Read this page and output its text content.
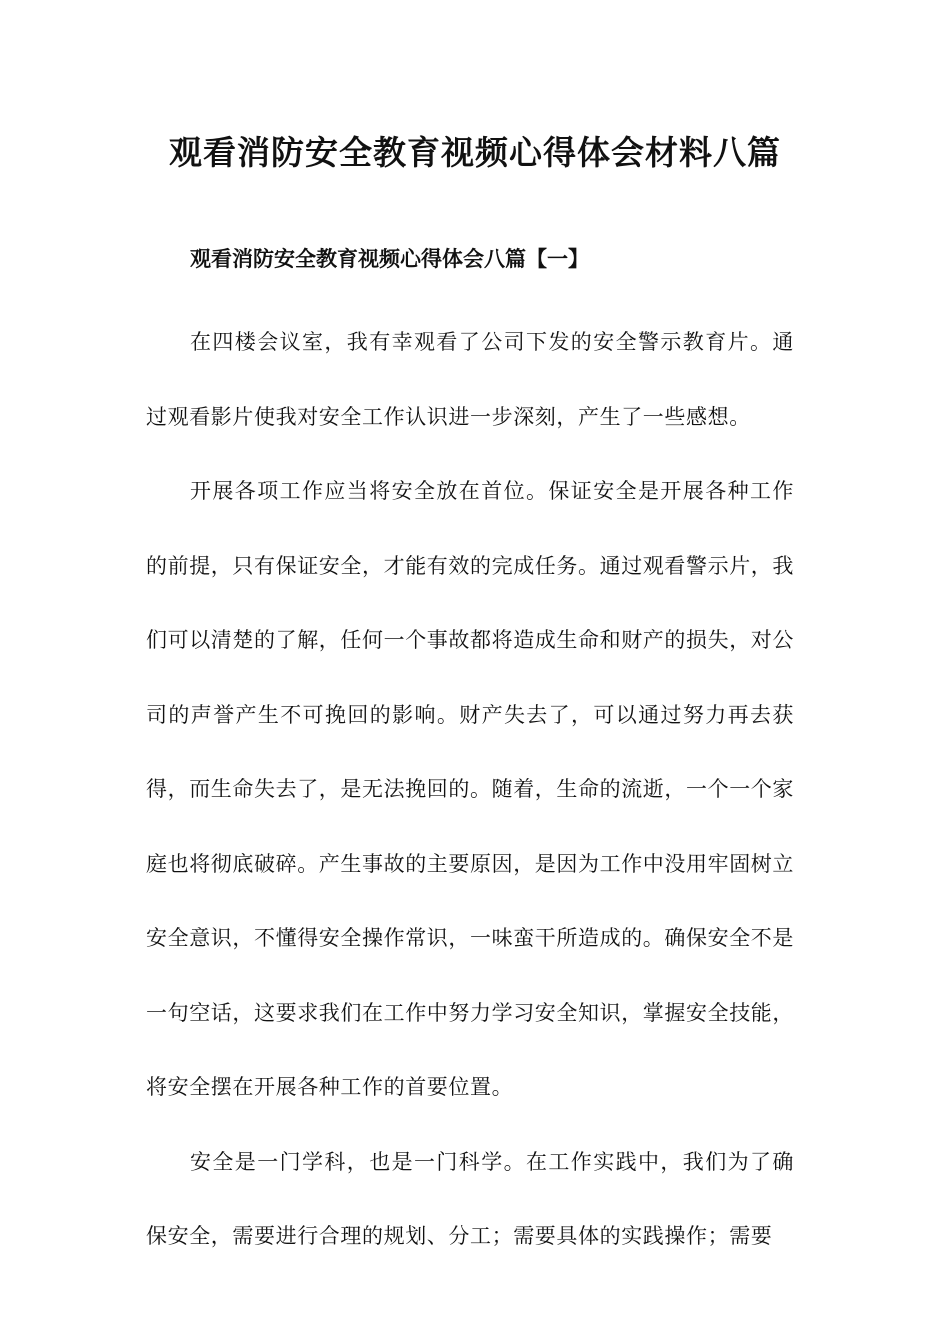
观看消防安全教育视频心得体会材料八篇
观看消防安全教育视频心得体会八篇【一】

在四楼会议室，我有幸观看了公司下发的安全警示教育片。通过观看影片使我对安全工作认识进一步深刻，产生了一些感想。

开展各项工作应当将安全放在首位。保证安全是开展各种工作的前提，只有保证安全，才能有效的完成任务。通过观看警示片，我们可以清楚的了解，任何一个事故都将造成生命和财产的损失，对公司的声誉产生不可挽回的影响。财产失去了，可以通过努力再去获得，而生命失去了，是无法挽回的。随着，生命的流逝，一个一个家庭也将彻底破碎。产生事故的主要原因，是因为工作中没用牢固树立安全意识，不懂得安全操作常识，一味蛮干所造成的。确保安全不是一句空话，这要求我们在工作中努力学习安全知识，掌握安全技能，将安全摆在开展各种工作的首要位置。

安全是一门学科，也是一门科学。在工作实践中，我们为了确保安全，需要进行合理的规划、分工；需要具体的实践操作；需要
